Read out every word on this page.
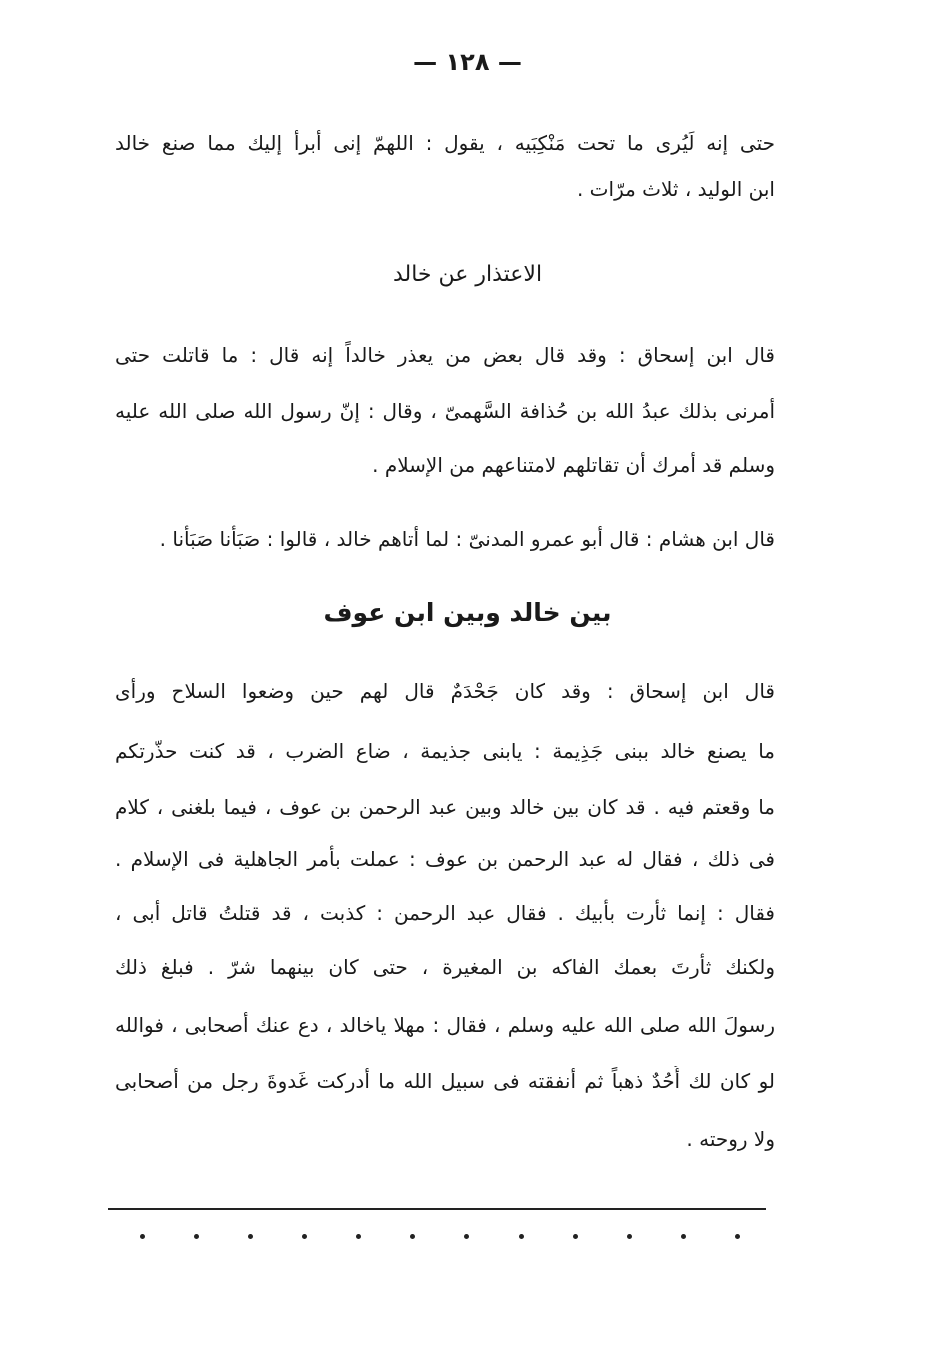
— ١٢٨ —
حتى إنه لَيُرى ما تحت مَنْكِبَيه ، يقول : اللهمّ إنى أبرأ إليك مما صنع خالد
ابن الوليد ، ثلاث مرّات .
الاعتذار عن خالد
قال ابن إسحاق : وقد قال بعض من يعذر خالداً إنه قال : ما قاتلت حتى
أمرنى بذلك عبدُ الله بن حُذافة السَّهمىّ ، وقال : إنّ رسول الله صلى الله عليه
وسلم قد أمرك أن تقاتلهم لامتناعهم من الإسلام .
قال ابن هشام : قال أبو عمرو المدنىّ : لما أتاهم خالد ، قالوا : صَبَأْنا صَبَأْنا .
بين خالد وبين ابن عوف
قال ابن إسحاق : وقد كان جَحْدَمٌ قال لهم حين وضعوا السلاح ورأى
ما يصنع خالد ببنى جَذِيمة : يابنى جذيمة ، ضاع الضرب ، قد كنت حذّرتكم
ما وقعتم فيه . قد كان بين خالد وبين عبد الرحمن بن عوف ، فيما بلغنى ، كلام
فى ذلك ، فقال له عبد الرحمن بن عوف : عملت بأمر الجاهلية فى الإسلام .
فقال : إنما ثأرت بأبيك . فقال عبد الرحمن : كذبت ، قد قتلتُ قاتل أبى ،
ولكنك ثأرتَ بعمك الفاكه بن المغيرة ، حتى كان بينهما شرّ . فبلغ ذلك
رسولَ الله صلى الله عليه وسلم ، فقال : مهلا ياخالد ، دع عنك أصحابى ، فوالله
لو كان لك أُحُدٌ ذهباً ثم أنفقته فى سبيل الله ما أدركت غَدوةَ رجل من أصحابى
ولا روحته .
